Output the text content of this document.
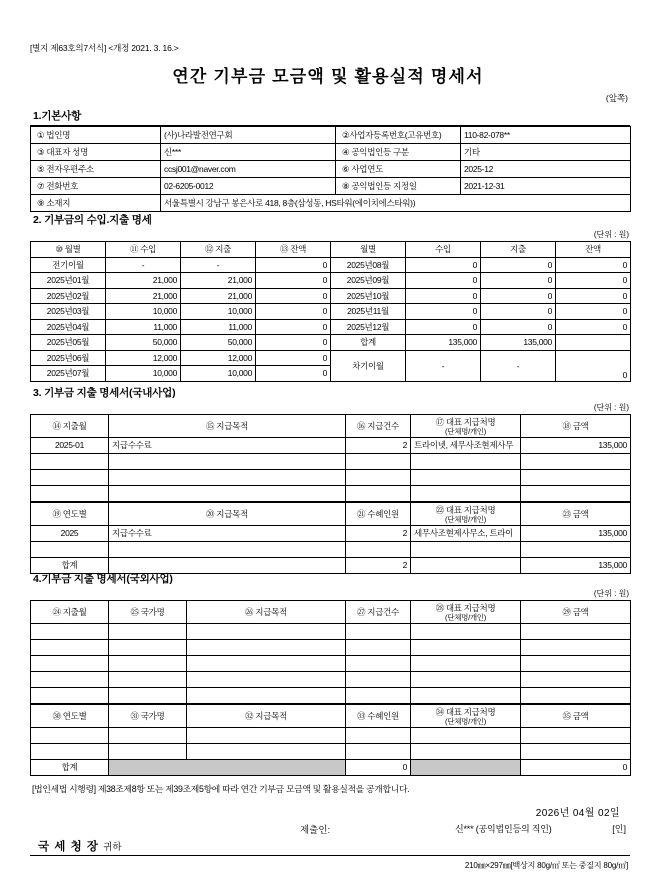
[별지 제63호의7서식] <개정 2021. 3. 16.>
연간 기부금 모금액 및 활용실적 명세서
(앞쪽)
1.기본사항
① 법인명	(사)나라발전연구회	②사업자등록번호(고유번호)	110-82-078**
③ 대표자 성명	신***	④ 공익법인등 구분	기타
⑤ 전자우편주소	ccsj001@naver.com	⑥ 사업연도	2025-12
⑦ 전화번호	02-6205-0012	⑧ 공익법인등 지정일	2021-12-31
⑨ 소재지	서울특별시 강남구 봉은사로 418, 8층(삼성동, HS타워(에이치에스타워))		
2. 기부금의 수입.지출 명세
(단위 : 원)
⑩ 월별	⑪ 수입	⑫ 지출	⑬ 잔액	월별	수입	지출	잔액
전기이월	-	-	0	2025년08월	0	0	0
2025년01월	21,000	21,000	0	2025년09월	0	0	0
2025년02월	21,000	21,000	0	2025년10월	0	0	0
2025년03월	10,000	10,000	0	2025년11월	0	0	0
2025년04월	11,000	11,000	0	2025년12월	0	0	0
2025년05월	50,000	50,000	0	합계	135,000	135,000	
2025년06월	12,000	12,000	0	차기이월	-	-	0
2025년07월	10,000	10,000	0				
3. 기부금 지출 명세서(국내사업)
(단위 : 원)
⑭ 지출월	⑮ 지급목적	⑯ 지급건수	⑰ 대표 지급처명
(단체명/개인)	⑱ 금액
2025-01	지급수수료	2	트라이넷, 세무사조현제사무	135,000

⑲ 연도별	⑳ 지급목적	㉑ 수혜인원	㉒ 대표 지급처명
(단체명/개인)	㉓ 금액
2025	지급수수료	2	세무사조현제사무소, 트라이	135,000

합계		2		135,000
4.기부금 지출 명세서(국외사업)
(단위 : 원)
㉔ 지출월	㉕ 국가명	㉖ 지급목적	㉗ 지급건수	㉘ 대표 지급처명
(단체명/개인)	㉙ 금액

㉚ 연도별	㉛ 국가명	㉜ 지급목적	㉝ 수혜인원	㉞ 대표 지급처명
(단체명/개인)	㉟ 금액

합계			0		0
[법인세법 시행령] 제38조제8항 또는 제39조제5항에 따라 연간 기부금 모금액 및 활용실적을 공개합니다.
2026년 04월 02일
제출인:	신*** (공익법인등의 직인)	[인]
국 세 청 장 귀하
210㎜×297㎜[백상지 80g/㎡ 또는 중질지 80g/㎡]
